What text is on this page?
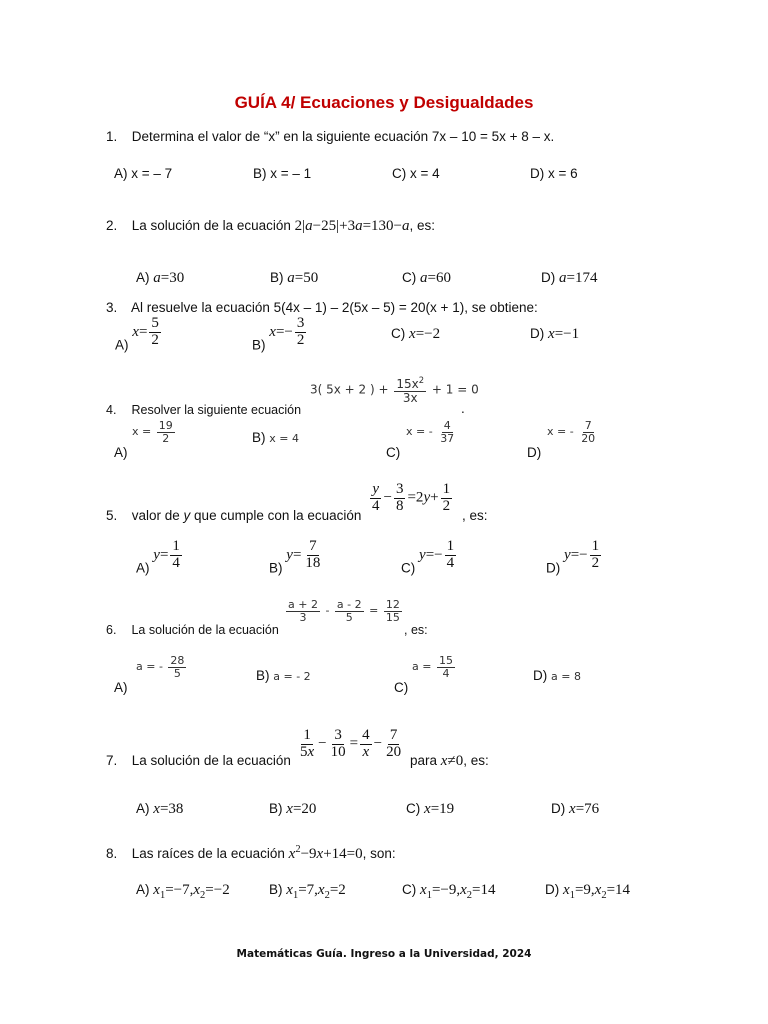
GUÍA 4/ Ecuaciones y Desigualdades
1. Determina el valor de “x” en la siguiente ecuación 7x – 10 = 5x + 8 – x.
A) x = – 7	B) x = – 1	C) x = 4	D) x = 6
2. La solución de la ecuación 2|a−25|+3a=130−a, es:
A) a=30	B) a=50	C) a=60	D) a=174
3. Al resuelve la ecuación 5(4x – 1) – 2(5x – 5) = 20(x + 1), se obtiene:
A) $x= \frac{5}{2}$	B) $x=- \frac{3}{2}$	C) x=−2	D) x=−1
4. Resolver la siguiente ecuación
3( 5x + 2 ) + $\frac{15x^2}{3x} + 1 = 0$
.
A)
$x = \frac{19}{2}$	B) x = 4
C)
x = - $\frac{4}{37}$
D)
x = - $\frac{7}{20}$
5. valor de y que cumple con la ecuación
$\frac{y}{4} - \frac{3}{8} =2y+ \frac{1}{2}$
, es:
A) $y= \frac{1}{4}$	B) $y= \frac{7}{18}$	C) $y=- \frac{1}{4}$	D) $y=- \frac{1}{2}$
6. La solución de la ecuación
$\frac{a + 2}{3} - \frac{a - 2}{5} = \frac{12}{15}$
, es:
A)
a = - $\frac{28}{5}$	B) a = - 2
C)
$a = \frac{15}{4}$	D) a = 8
7. La solución de la ecuación $\frac{1}{5x} - \frac{3}{10} = \frac{4}{x} - \frac{7}{20}$ para x≠0, es:
A) x=38	B) x=20	C) x=19	D) x=76
8. Las raíces de la ecuación $x^2-9x+14=0$, son:
A) $x_1=-7,x_2=-2$	B) $x_1=7,x_2=2$	C) $x_1=-9,x_2=14$	D) $x_1=9,x_2=14$
Matemáticas Guía. Ingreso a la Universidad, 2024
